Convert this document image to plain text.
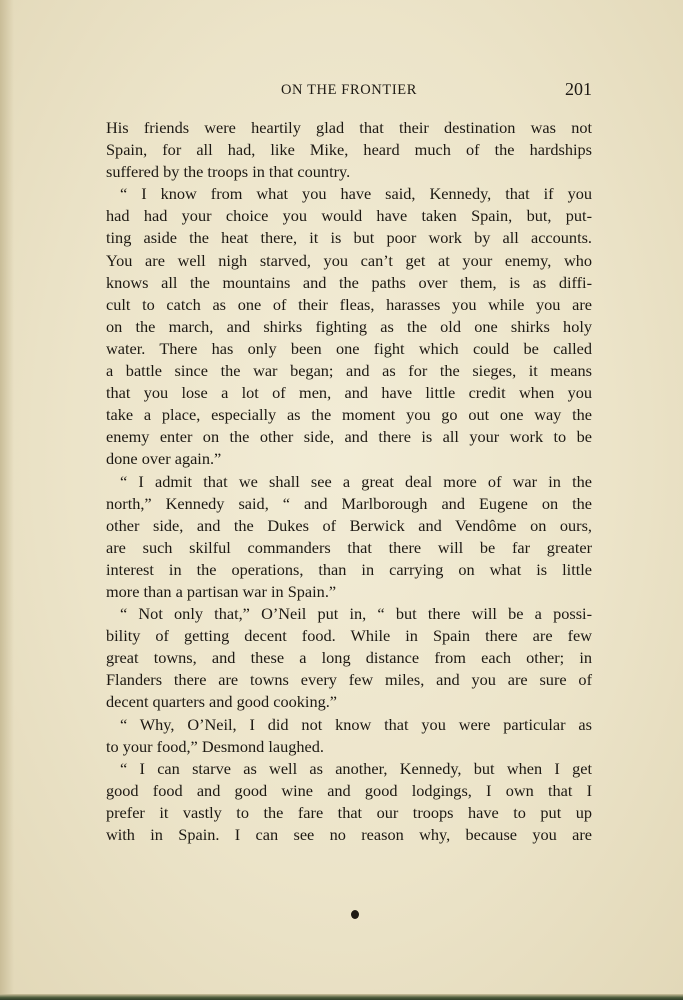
ON THE FRONTIER	201
His friends were heartily glad that their destination was not
Spain, for all had, like Mike, heard much of the hardships
suffered by the troops in that country.
“ I know from what you have said, Kennedy, that if you
had had your choice you would have taken Spain, but, put-
ting aside the heat there, it is but poor work by all accounts.
You are well nigh starved, you can’t get at your enemy, who
knows all the mountains and the paths over them, is as diffi-
cult to catch as one of their fleas, harasses you while you are
on the march, and shirks fighting as the old one shirks holy
water. There has only been one fight which could be called
a battle since the war began; and as for the sieges, it means
that you lose a lot of men, and have little credit when you
take a place, especially as the moment you go out one way the
enemy enter on the other side, and there is all your work to be
done over again.”
“ I admit that we shall see a great deal more of war in the
north,” Kennedy said, “ and Marlborough and Eugene on the
other side, and the Dukes of Berwick and Vendôme on ours,
are such skilful commanders that there will be far greater
interest in the operations, than in carrying on what is little
more than a partisan war in Spain.”
“ Not only that,” O’Neil put in, “ but there will be a possi-
bility of getting decent food. While in Spain there are few
great towns, and these a long distance from each other; in
Flanders there are towns every few miles, and you are sure of
decent quarters and good cooking.”
“ Why, O’Neil, I did not know that you were particular as
to your food,” Desmond laughed.
“ I can starve as well as another, Kennedy, but when I get
good food and good wine and good lodgings, I own that I
prefer it vastly to the fare that our troops have to put up
with in Spain. I can see no reason why, because you are
